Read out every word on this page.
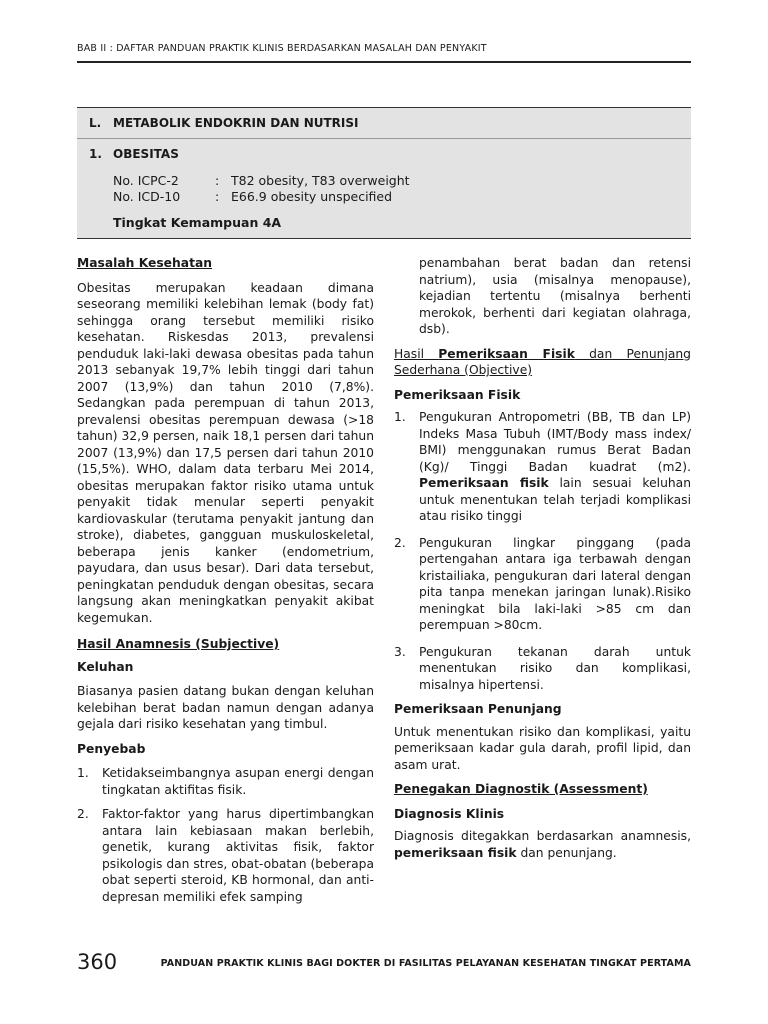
BAB II : DAFTAR PANDUAN PRAKTIK KLINIS BERDASARKAN MASALAH DAN PENYAKIT
L. METABOLIK ENDOKRIN DAN NUTRISI
1. OBESITAS
No. ICPC-2	: T82 obesity, T83 overweight
No. ICD-10	: E66.9 obesity unspecified
Tingkat Kemampuan 4A

Masalah Kesehatan

Obesitas merupakan keadaan dimana seseorang memiliki kelebihan lemak (body fat) sehingga orang tersebut memiliki risiko kesehatan. Riskesdas 2013, prevalensi penduduk laki-laki dewasa obesitas pada tahun 2013 sebanyak 19,7% lebih tinggi dari tahun 2007 (13,9%) dan tahun 2010 (7,8%). Sedangkan pada perempuan di tahun 2013, prevalensi obesitas perempuan dewasa (>18 tahun) 32,9 persen, naik 18,1 persen dari tahun 2007 (13,9%) dan 17,5 persen dari tahun 2010 (15,5%). WHO, dalam data terbaru Mei 2014, obesitas merupakan faktor risiko utama untuk penyakit tidak menular seperti penyakit kardiovaskular (terutama penyakit jantung dan stroke), diabetes, gangguan muskuloskeletal, beberapa jenis kanker (endometrium, payudara, dan usus besar). Dari data tersebut, peningkatan penduduk dengan obesitas, secara langsung akan meningkatkan penyakit akibat kegemukan.

Hasil Anamnesis (Subjective)

Keluhan

Biasanya pasien datang bukan dengan keluhan kelebihan berat badan namun dengan adanya gejala dari risiko kesehatan yang timbul.

Penyebab

1. Ketidakseimbangnya asupan energi dengan tingkatan aktifitas fisik.
2. Faktor-faktor yang harus dipertimbangkan antara lain kebiasaan makan berlebih, genetik, kurang aktivitas fisik, faktor psikologis dan stres, obat-obatan (beberapa obat seperti steroid, KB hormonal, dan anti-depresan memiliki efek samping

penambahan berat badan dan retensi natrium), usia (misalnya menopause), kejadian tertentu (misalnya berhenti merokok, berhenti dari kegiatan olahraga, dsb).

Hasil Pemeriksaan Fisik dan Penunjang Sederhana (Objective)

Pemeriksaan Fisik

1. Pengukuran Antropometri (BB, TB dan LP) Indeks Masa Tubuh (IMT/Body mass index/ BMI) menggunakan rumus Berat Badan (Kg)/ Tinggi Badan kuadrat (m2). Pemeriksaan fisik lain sesuai keluhan untuk menentukan telah terjadi komplikasi atau risiko tinggi
2. Pengukuran lingkar pinggang (pada pertengahan antara iga terbawah dengan kristailiaka, pengukuran dari lateral dengan pita tanpa menekan jaringan lunak).Risiko meningkat bila laki-laki >85 cm dan perempuan >80cm.
3. Pengukuran tekanan darah untuk menentukan risiko dan komplikasi, misalnya hipertensi.

Pemeriksaan Penunjang

Untuk menentukan risiko dan komplikasi, yaitu pemeriksaan kadar gula darah, profil lipid, dan asam urat.

Penegakan Diagnostik (Assessment)

Diagnosis Klinis

Diagnosis ditegakkan berdasarkan anamnesis, pemeriksaan fisik dan penunjang.

360	PANDUAN PRAKTIK KLINIS BAGI DOKTER DI FASILITAS PELAYANAN KESEHATAN TINGKAT PERTAMA
